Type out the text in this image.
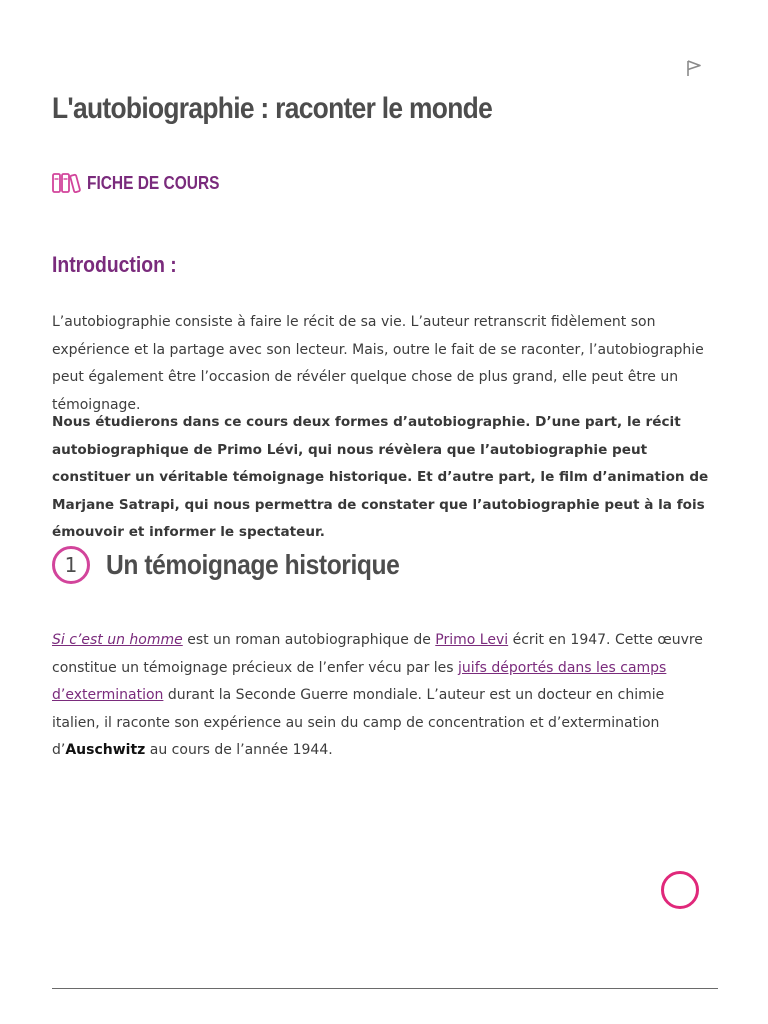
L'autobiographie : raconter le monde
FICHE DE COURS
Introduction :

L’autobiographie consiste à faire le récit de sa vie. L’auteur retranscrit fidèlement son expérience et la partage avec son lecteur. Mais, outre le fait de se raconter, l’autobiographie peut également être l’occasion de révéler quelque chose de plus grand, elle peut être un témoignage.

Nous étudierons dans ce cours deux formes d’autobiographie. D’une part, le récit autobiographique de Primo Lévi, qui nous révèlera que l’autobiographie peut constituer un véritable témoignage historique. Et d’autre part, le film d’animation de Marjane Satrapi, qui nous permettra de constater que l’autobiographie peut à la fois émouvoir et informer le spectateur.

1	Un témoignage historique

Si c’est un homme est un roman autobiographique de Primo Levi écrit en 1947. Cette œuvre constitue un témoignage précieux de l’enfer vécu par les juifs déportés dans les camps d’extermination durant la Seconde Guerre mondiale. L’auteur est un docteur en chimie italien, il raconte son expérience au sein du camp de concentration et d’extermination d’Auschwitz au cours de l’année 1944.
